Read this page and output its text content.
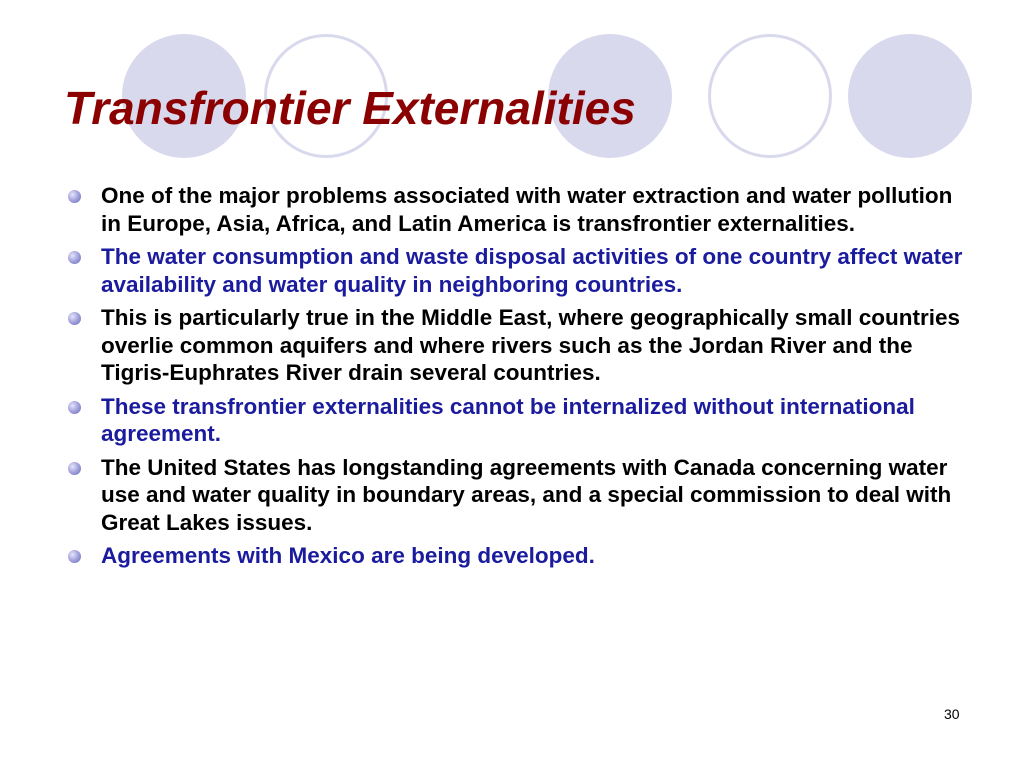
Transfrontier Externalities
One of the major problems associated with water extraction and water pollution in Europe, Asia, Africa, and Latin America is transfrontier externalities.
The water consumption and waste disposal activities of one country affect water availability and water quality in neighboring countries.
This is particularly true in the Middle East, where geographically small countries overlie common aquifers and where rivers such as the Jordan River and the Tigris-Euphrates River drain several countries.
These transfrontier externalities cannot be internalized without international agreement.
The United States has longstanding agreements with Canada concerning water use and water quality in boundary areas, and a special commission to deal with Great Lakes issues.
Agreements with Mexico are being developed.
30
